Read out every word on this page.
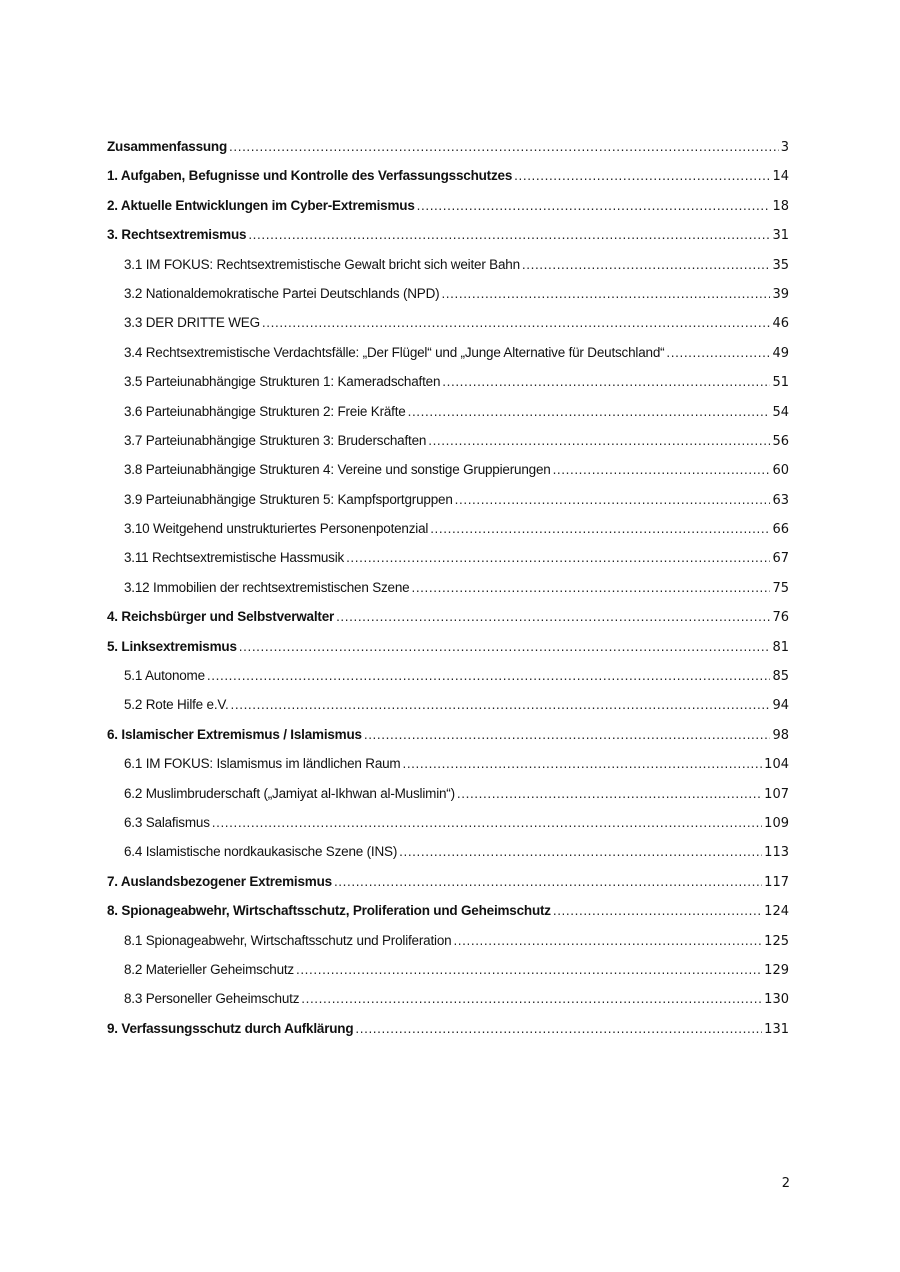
Zusammenfassung .....	3
1. Aufgaben, Befugnisse und Kontrolle des Verfassungsschutzes .....	14
2. Aktuelle Entwicklungen im Cyber-Extremismus .....	18
3. Rechtsextremismus .....	31
3.1 IM FOKUS: Rechtsextremistische Gewalt bricht sich weiter Bahn .....	35
3.2 Nationaldemokratische Partei Deutschlands (NPD) .....	39
3.3 DER DRITTE WEG .....	46
3.4 Rechtsextremistische Verdachtsfälle: „Der Flügel“ und „Junge Alternative für Deutschland“ .....	49
3.5 Parteiunabhängige Strukturen 1: Kameradschaften .....	51
3.6 Parteiunabhängige Strukturen 2: Freie Kräfte .....	54
3.7 Parteiunabhängige Strukturen 3: Bruderschaften .....	56
3.8 Parteiunabhängige Strukturen 4: Vereine und sonstige Gruppierungen .....	60
3.9 Parteiunabhängige Strukturen 5: Kampfsportgruppen .....	63
3.10 Weitgehend unstrukturiertes Personenpotenzial .....	66
3.11 Rechtsextremistische Hassmusik .....	67
3.12 Immobilien der rechtsextremistischen Szene .....	75
4. Reichsbürger und Selbstverwalter .....	76
5. Linksextremismus .....	81
5.1 Autonome .....	85
5.2 Rote Hilfe e.V. .....	94
6. Islamischer Extremismus / Islamismus .....	98
6.1 IM FOKUS: Islamismus im ländlichen Raum .....	104
6.2 Muslimbruderschaft („Jamiyat al-Ikhwan al-Muslimin“) .....	107
6.3 Salafismus .....	109
6.4 Islamistische nordkaukasische Szene (INS) .....	113
7. Auslandsbezogener Extremismus .....	117
8. Spionageabwehr, Wirtschaftsschutz, Proliferation und Geheimschutz .....	124
8.1 Spionageabwehr, Wirtschaftsschutz und Proliferation .....	125
8.2 Materieller Geheimschutz .....	129
8.3 Personeller Geheimschutz .....	130
9. Verfassungsschutz durch Aufklärung .....	131
2
